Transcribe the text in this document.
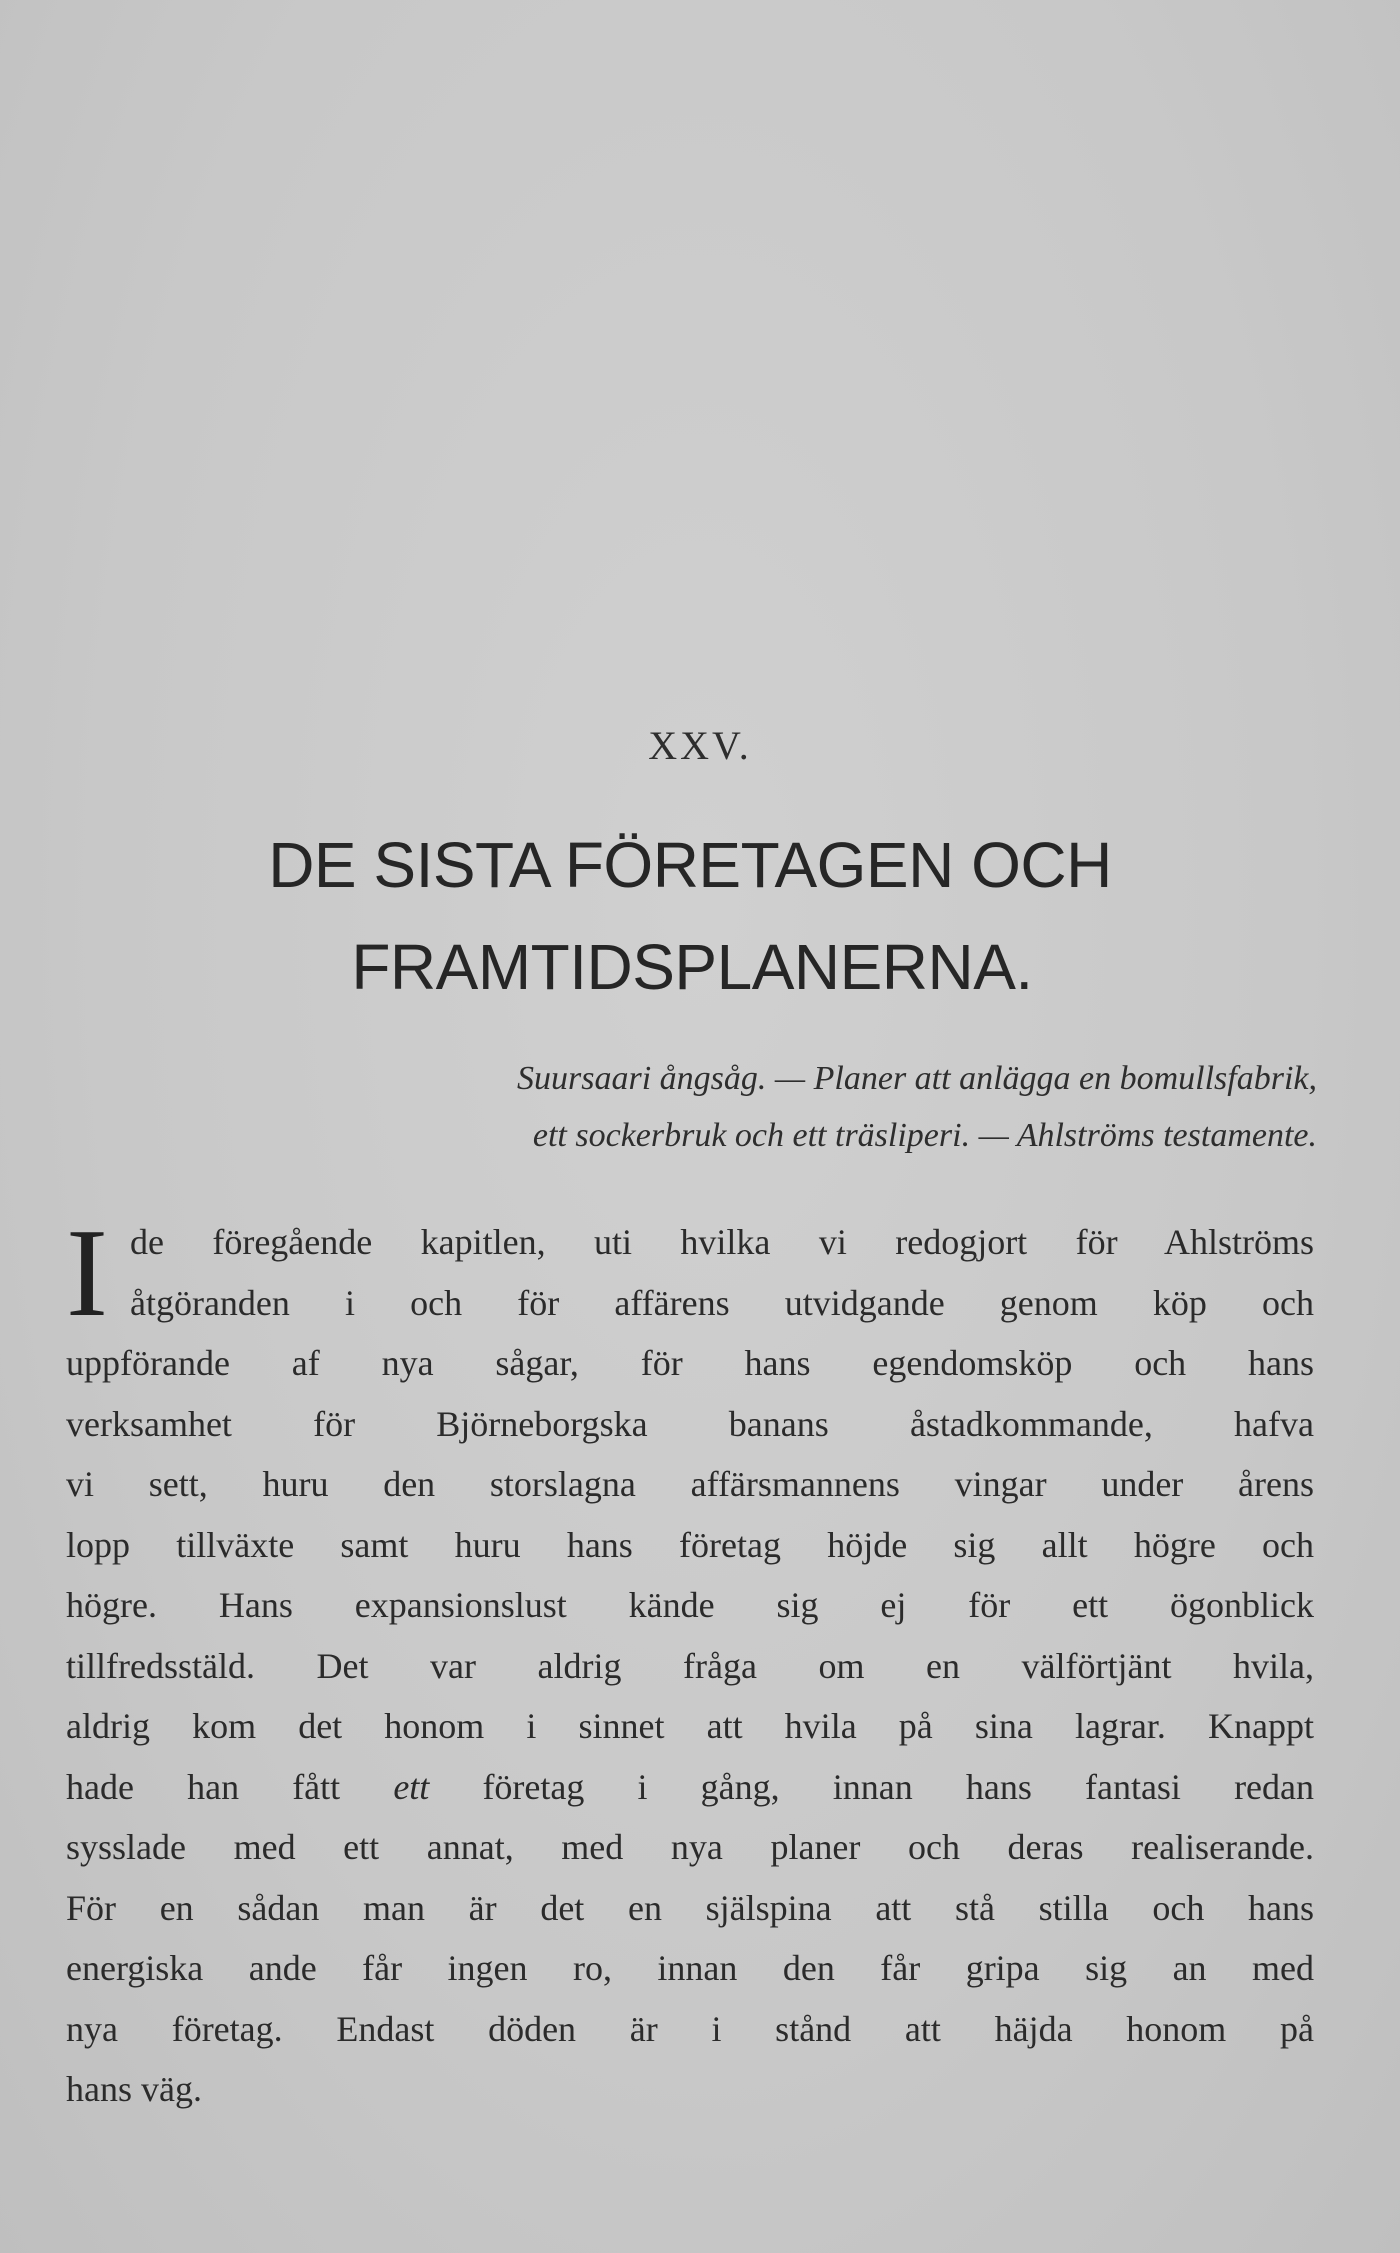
XXV.
DE SISTA FÖRETAGEN OCH
FRAMTIDSPLANERNA.
Suursaari ångsåg. — Planer att anlägga en bomullsfabrik,
ett sockerbruk och ett träsliperi. — Ahlströms testamente.
I de föregående kapitlen, uti hvilka vi redogjort för Ahlströms
åtgöranden i och för affärens utvidgande genom köp och
uppförande af nya sågar, för hans egendomsköp och hans
verksamhet för Björneborgska banans åstadkommande, hafva
vi sett, huru den storslagna affärsmannens vingar under årens
lopp tillväxte samt huru hans företag höjde sig allt högre och
högre. Hans expansionslust kände sig ej för ett ögonblick
tillfredsstäld. Det var aldrig fråga om en välförtjänt hvila,
aldrig kom det honom i sinnet att hvila på sina lagrar. Knappt
hade han fått ett företag i gång, innan hans fantasi redan
sysslade med ett annat, med nya planer och deras realiserande.
För en sådan man är det en själspina att stå stilla och hans
energiska ande får ingen ro, innan den får gripa sig an med
nya företag. Endast döden är i stånd att häjda honom på
hans väg.
